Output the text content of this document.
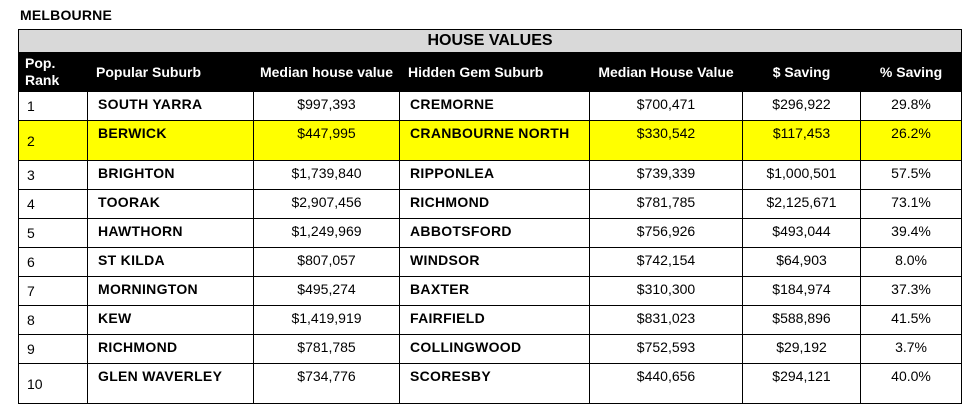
MELBOURNE
HOUSE VALUES						
Pop. Rank	Popular Suburb	Median house value	Hidden Gem Suburb	Median House Value	$ Saving	% Saving
1	SOUTH YARRA	$997,393	CREMORNE	$700,471	$296,922	29.8%
2	BERWICK	$447,995	CRANBOURNE NORTH	$330,542	$117,453	26.2%
3	BRIGHTON	$1,739,840	RIPPONLEA	$739,339	$1,000,501	57.5%
4	TOORAK	$2,907,456	RICHMOND	$781,785	$2,125,671	73.1%
5	HAWTHORN	$1,249,969	ABBOTSFORD	$756,926	$493,044	39.4%
6	ST KILDA	$807,057	WINDSOR	$742,154	$64,903	8.0%
7	MORNINGTON	$495,274	BAXTER	$310,300	$184,974	37.3%
8	KEW	$1,419,919	FAIRFIELD	$831,023	$588,896	41.5%
9	RICHMOND	$781,785	COLLINGWOOD	$752,593	$29,192	3.7%
10	GLEN WAVERLEY	$734,776	SCORESBY	$440,656	$294,121	40.0%
